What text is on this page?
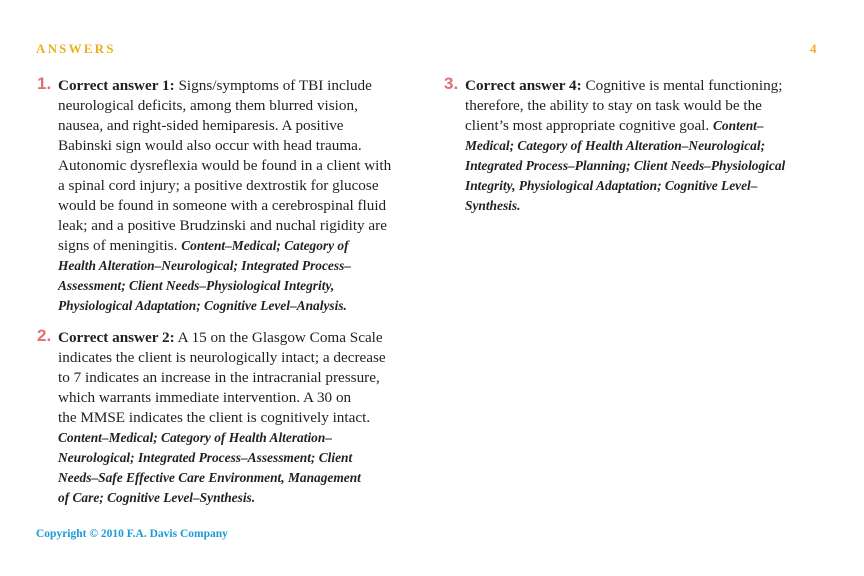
ANSWERS	4
1. Correct answer 1: Signs/symptoms of TBI include
neurological deficits, among them blurred vision,
nausea, and right-sided hemiparesis. A positive
Babinski sign would also occur with head trauma.
Autonomic dysreflexia would be found in a client with
a spinal cord injury; a positive dextrostik for glucose
would be found in someone with a cerebrospinal fluid
leak; and a positive Brudzinski and nuchal rigidity are
signs of meningitis. Content–Medical; Category of
Health Alteration–Neurological; Integrated Process–
Assessment; Client Needs–Physiological Integrity,
Physiological Adaptation; Cognitive Level–Analysis.
2. Correct answer 2: A 15 on the Glasgow Coma Scale
indicates the client is neurologically intact; a decrease
to 7 indicates an increase in the intracranial pressure,
which warrants immediate intervention. A 30 on
the MMSE indicates the client is cognitively intact.
Content–Medical; Category of Health Alteration–
Neurological; Integrated Process–Assessment; Client
Needs–Safe Effective Care Environment, Management
of Care; Cognitive Level–Synthesis.
3. Correct answer 4: Cognitive is mental functioning;
therefore, the ability to stay on task would be the
client’s most appropriate cognitive goal. Content–
Medical; Category of Health Alteration–Neurological;
Integrated Process–Planning; Client Needs–Physiological
Integrity, Physiological Adaptation; Cognitive Level–
Synthesis.
Copyright © 2010 F.A. Davis Company
